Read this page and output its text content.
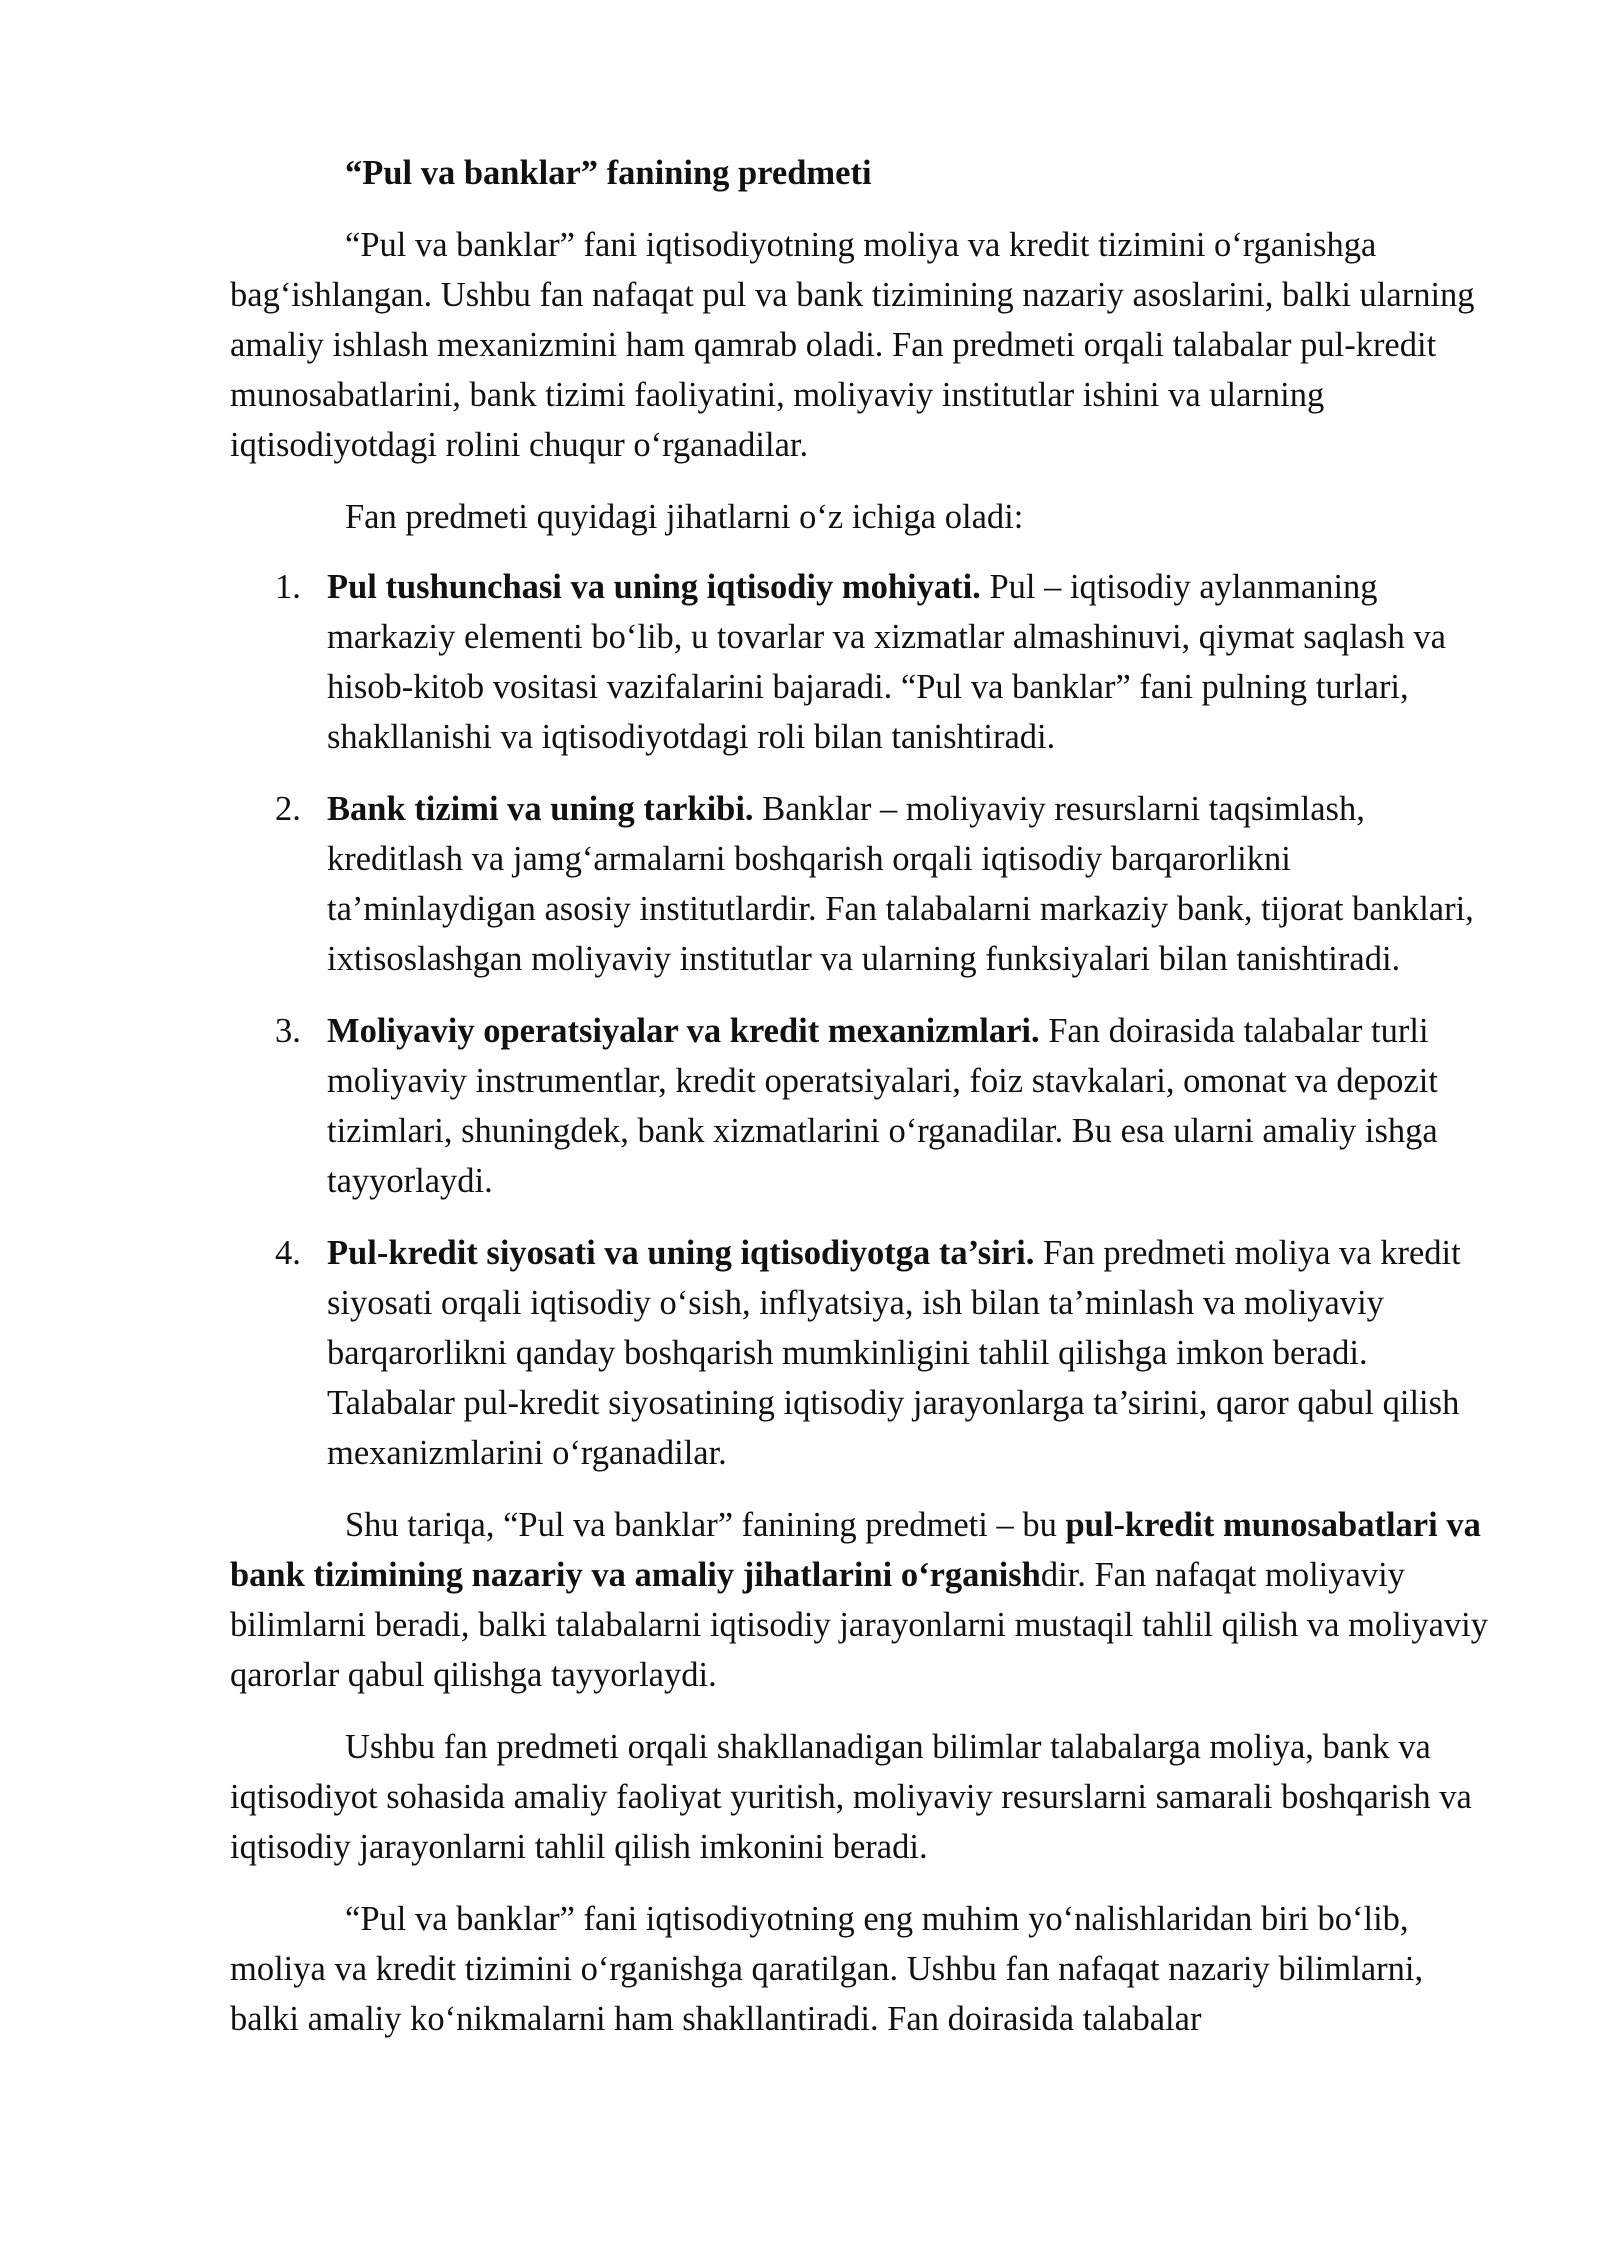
“Pul va banklar” fanining predmeti

“Pul va banklar” fani iqtisodiyotning moliya va kredit tizimini o‘rganishga bag‘ishlangan. Ushbu fan nafaqat pul va bank tizimining nazariy asoslarini, balki ularning amaliy ishlash mexanizmini ham qamrab oladi. Fan predmeti orqali talabalar pul-kredit munosabatlarini, bank tizimi faoliyatini, moliyaviy institutlar ishini va ularning iqtisodiyotdagi rolini chuqur o‘rganadilar.

Fan predmeti quyidagi jihatlarni o‘z ichiga oladi:

1. Pul tushunchasi va uning iqtisodiy mohiyati. Pul – iqtisodiy aylanmaning markaziy elementi bo‘lib, u tovarlar va xizmatlar almashinuvi, qiymat saqlash va hisob-kitob vositasi vazifalarini bajaradi. “Pul va banklar” fani pulning turlari, shakllanishi va iqtisodiyotdagi roli bilan tanishtiradi.
2. Bank tizimi va uning tarkibi. Banklar – moliyaviy resurslarni taqsimlash, kreditlash va jamg‘armalarni boshqarish orqali iqtisodiy barqarorlikni ta’minlaydigan asosiy institutlardir. Fan talabalarni markaziy bank, tijorat banklari, ixtisoslashgan moliyaviy institutlar va ularning funksiyalari bilan tanishtiradi.
3. Moliyaviy operatsiyalar va kredit mexanizmlari. Fan doirasida talabalar turli moliyaviy instrumentlar, kredit operatsiyalari, foiz stavkalari, omonat va depozit tizimlari, shuningdek, bank xizmatlarini o‘rganadilar. Bu esa ularni amaliy ishga tayyorlaydi.
4. Pul-kredit siyosati va uning iqtisodiyotga ta’siri. Fan predmeti moliya va kredit siyosati orqali iqtisodiy o‘sish, inflyatsiya, ish bilan ta’minlash va moliyaviy barqarorlikni qanday boshqarish mumkinligini tahlil qilishga imkon beradi. Talabalar pul-kredit siyosatining iqtisodiy jarayonlarga ta’sirini, qaror qabul qilish mexanizmlarini o‘rganadilar.

Shu tariqa, “Pul va banklar” fanining predmeti – bu pul-kredit munosabatlari va bank tizimining nazariy va amaliy jihatlarini o‘rganishdir. Fan nafaqat moliyaviy bilimlarni beradi, balki talabalarni iqtisodiy jarayonlarni mustaqil tahlil qilish va moliyaviy qarorlar qabul qilishga tayyorlaydi.

Ushbu fan predmeti orqali shakllanadigan bilimlar talabalarga moliya, bank va iqtisodiyot sohasida amaliy faoliyat yuritish, moliyaviy resurslarni samarali boshqarish va iqtisodiy jarayonlarni tahlil qilish imkonini beradi.

“Pul va banklar” fani iqtisodiyotning eng muhim yo‘nalishlaridan biri bo‘lib, moliya va kredit tizimini o‘rganishga qaratilgan. Ushbu fan nafaqat nazariy bilimlarni, balki amaliy ko‘nikmalarni ham shakllantiradi. Fan doirasida talabalar
